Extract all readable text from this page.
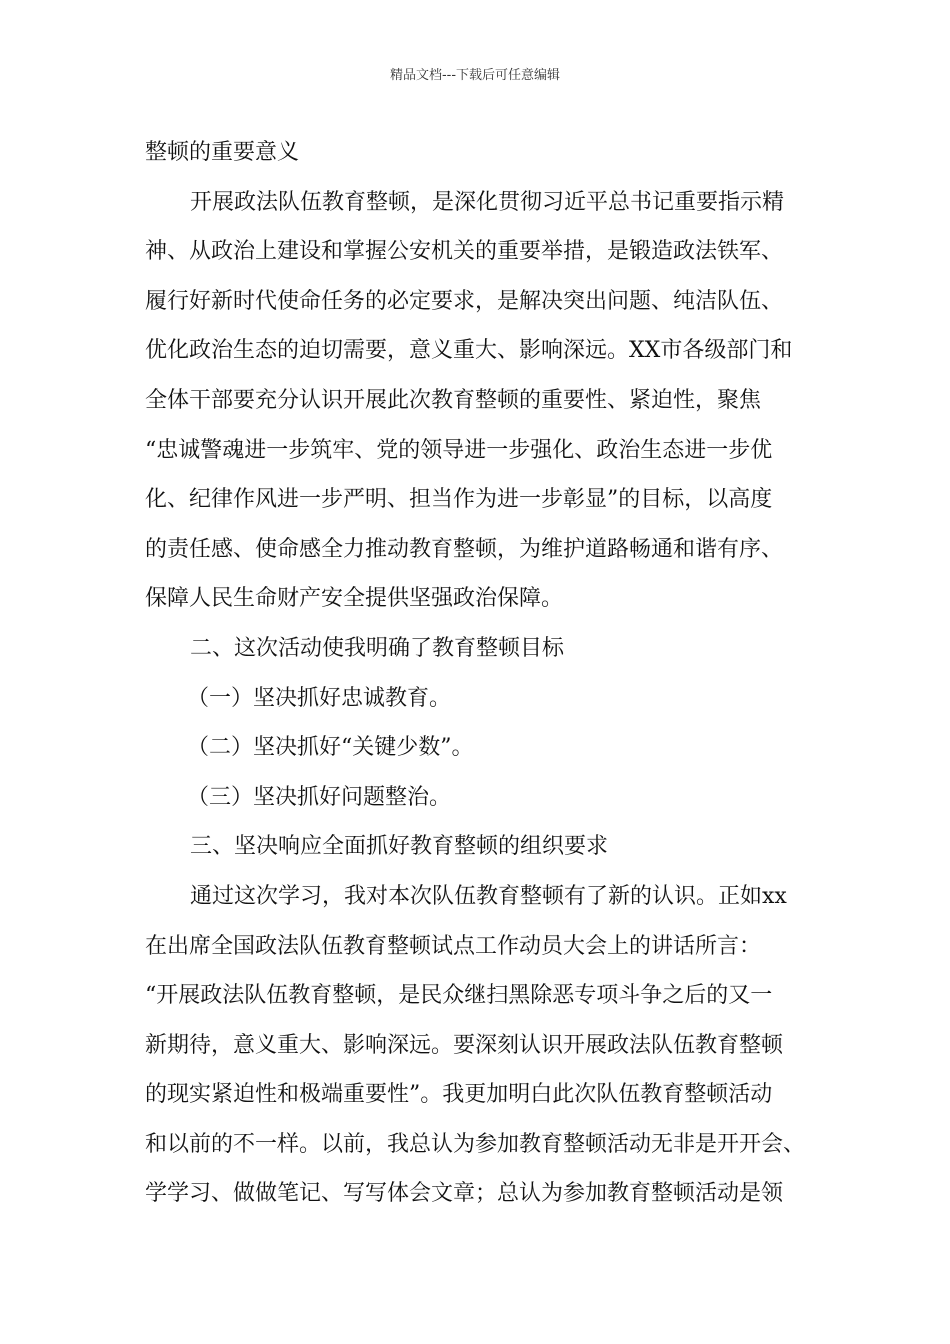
精品文档---下载后可任意编辑
整顿的重要意义
开展政法队伍教育整顿，是深化贯彻习近平总书记重要指示精
神、从政治上建设和掌握公安机关的重要举措，是锻造政法铁军、
履行好新时代使命任务的必定要求，是解决突出问题、纯洁队伍、
优化政治生态的迫切需要，意义重大、影响深远。XX市各级部门和
全体干部要充分认识开展此次教育整顿的重要性、紧迫性，聚焦
“忠诚警魂进一步筑牢、党的领导进一步强化、政治生态进一步优
化、纪律作风进一步严明、担当作为进一步彰显”的目标，以高度
的责任感、使命感全力推动教育整顿，为维护道路畅通和谐有序、
保障人民生命财产安全提供坚强政治保障。
二、这次活动使我明确了教育整顿目标
（一）坚决抓好忠诚教育。
（二）坚决抓好“关键少数”。
（三）坚决抓好问题整治。
三、坚决响应全面抓好教育整顿的组织要求
通过这次学习，我对本次队伍教育整顿有了新的认识。正如xx
在出席全国政法队伍教育整顿试点工作动员大会上的讲话所言：
“开展政法队伍教育整顿，是民众继扫黑除恶专项斗争之后的又一
新期待，意义重大、影响深远。要深刻认识开展政法队伍教育整顿
的现实紧迫性和极端重要性”。我更加明白此次队伍教育整顿活动
和以前的不一样。以前，我总认为参加教育整顿活动无非是开开会、
学学习、做做笔记、写写体会文章；总认为参加教育整顿活动是领
